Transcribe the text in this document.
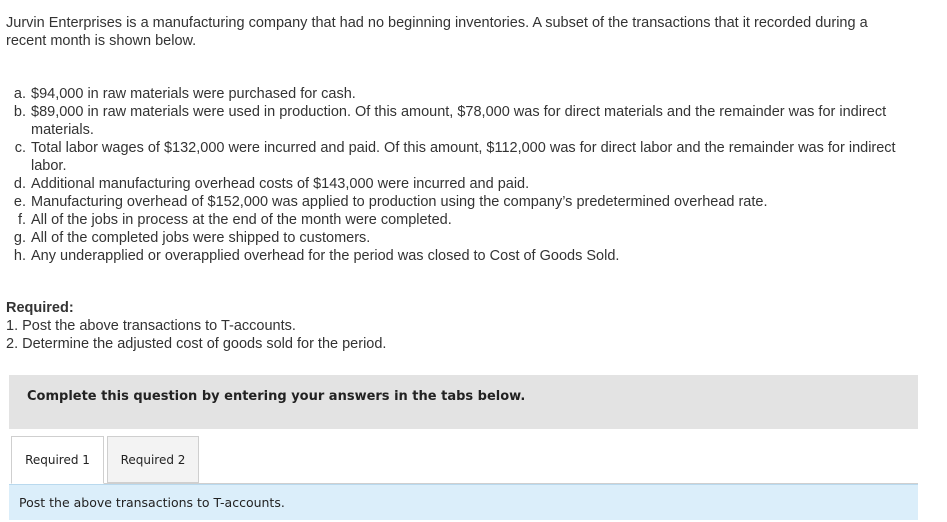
Jurvin Enterprises is a manufacturing company that had no beginning inventories. A subset of the transactions that it recorded during a recent month is shown below.
a. $94,000 in raw materials were purchased for cash.
b. $89,000 in raw materials were used in production. Of this amount, $78,000 was for direct materials and the remainder was for indirect materials.
c. Total labor wages of $132,000 were incurred and paid. Of this amount, $112,000 was for direct labor and the remainder was for indirect labor.
d. Additional manufacturing overhead costs of $143,000 were incurred and paid.
e. Manufacturing overhead of $152,000 was applied to production using the company’s predetermined overhead rate.
f. All of the jobs in process at the end of the month were completed.
g. All of the completed jobs were shipped to customers.
h. Any underapplied or overapplied overhead for the period was closed to Cost of Goods Sold.
Required:
1. Post the above transactions to T-accounts.
2. Determine the adjusted cost of goods sold for the period.
Complete this question by entering your answers in the tabs below.
Required 1	Required 2
Post the above transactions to T-accounts.
